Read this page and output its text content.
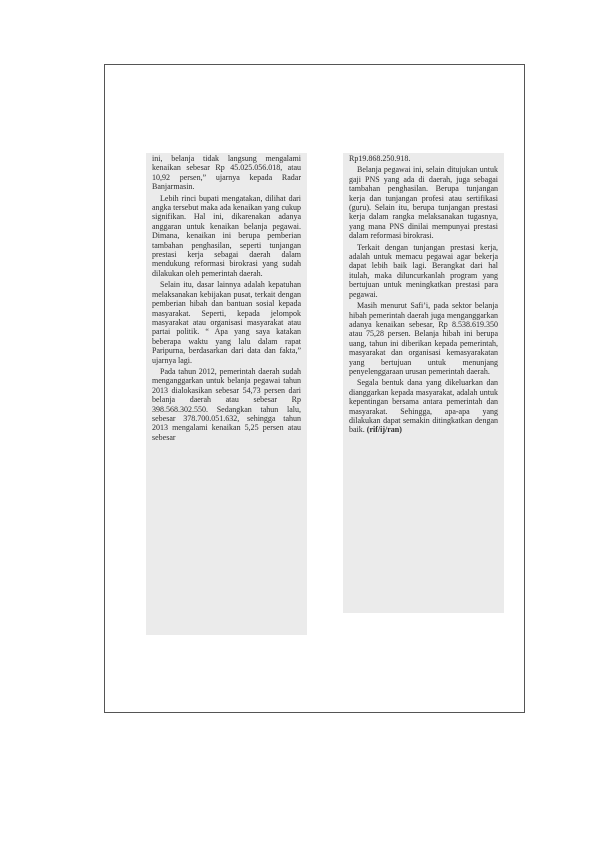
ini, belanja tidak langsung mengalami kenaikan sebesar Rp 45.025.056.018, atau 10,92 persen,” ujarnya kepada Radar Banjarmasin.

Lebih rinci bupati mengatakan, dilihat dari angka tersebut maka ada kenaikan yang cukup signifikan. Hal ini, dikarenakan adanya anggaran untuk kenaikan belanja pegawai. Dimana, kenaikan ini berupa pemberian tambahan penghasilan, seperti tunjangan prestasi kerja sebagai daerah dalam mendukung reformasi birokrasi yang sudah dilakukan oleh pemerintah daerah.

Selain itu, dasar lainnya adalah kepatuhan melaksanakan kebijakan pusat, terkait dengan pemberian hibah dan bantuan sosial kepada masyarakat. Seperti, kepada jelompok masyarakat atau organisasi masyarakat atau partai politik. “ Apa yang saya katakan beberapa waktu yang lalu dalam rapat Paripurna, berdasarkan dari data dan fakta,” ujarnya lagi.

Pada tahun 2012, pemerintah daerah sudah menganggarkan untuk belanja pegawai tahun 2013 dialokasikan sebesar 54,73 persen dari belanja daerah atau sebesar Rp 398.568.302.550. Sedangkan tahun lalu, sebesar 378.700.051.632, sehingga tahun 2013 mengalami kenaikan 5,25 persen atau sebesar

Rp19.868.250.918.

Belanja pegawai ini, selain ditujukan untuk gaji PNS yang ada di daerah, juga sebagai tambahan penghasilan. Berupa tunjangan kerja dan tunjangan profesi atau sertifikasi (guru). Selain itu, berupa tunjangan prestasi kerja dalam rangka melaksanakan tugasnya, yang mana PNS dinilai mempunyai prestasi dalam reformasi birokrasi.

Terkait dengan tunjangan prestasi kerja, adalah untuk memacu pegawai agar bekerja dapat lebih baik lagi. Berangkat dari hal itulah, maka diluncurkanlah program yang bertujuan untuk meningkatkan prestasi para pegawai.

Masih menurut Safi’i, pada sektor belanja hibah pemerintah daerah juga menganggarkan adanya kenaikan sebesar, Rp 8.538.619.350 atau 75,28 persen. Belanja hibah ini berupa uang, tahun ini diberikan kepada pemerintah, masyarakat dan organisasi kemasyarakatan yang bertujuan untuk menunjang penyelenggaraan urusan pemerintah daerah.

Segala bentuk dana yang dikeluarkan dan dianggarkan kepada masyarakat, adalah untuk kepentingan bersama antara pemerintah dan masyarakat. Sehingga, apa-apa yang dilakukan dapat semakin ditingkatkan dengan baik. (rif/ij/ran)
